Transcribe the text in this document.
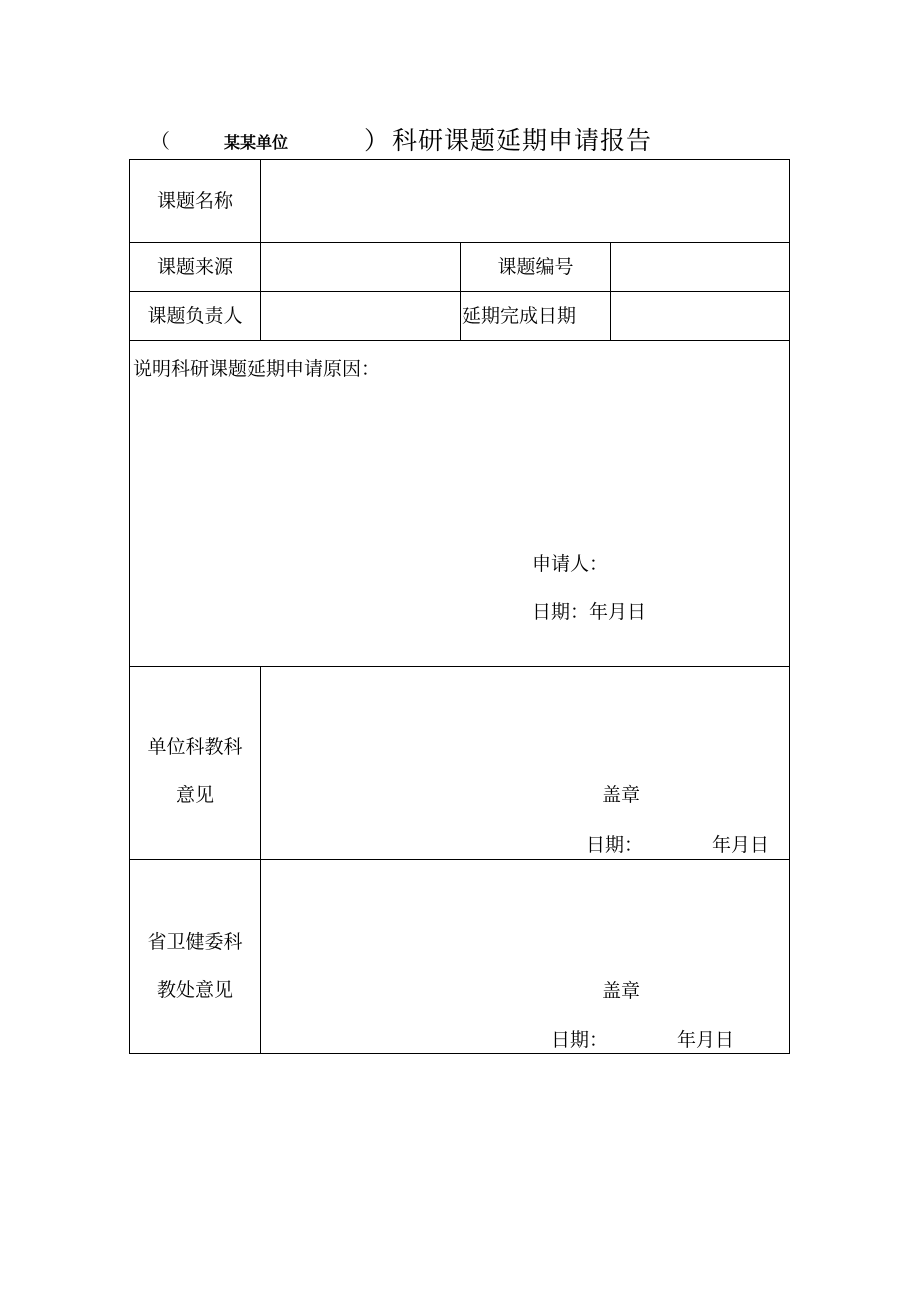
（	某某单位	） 科研课题延期申请报告
课题名称
课题来源	课题编号
课题负责人	延期完成日期
说明科研课题延期申请原因：
申请人：
日期：年月日
单位科教科
意见	盖章
日期：	年月日
省卫健委科
教处意见	盖章
日期：	年月日
